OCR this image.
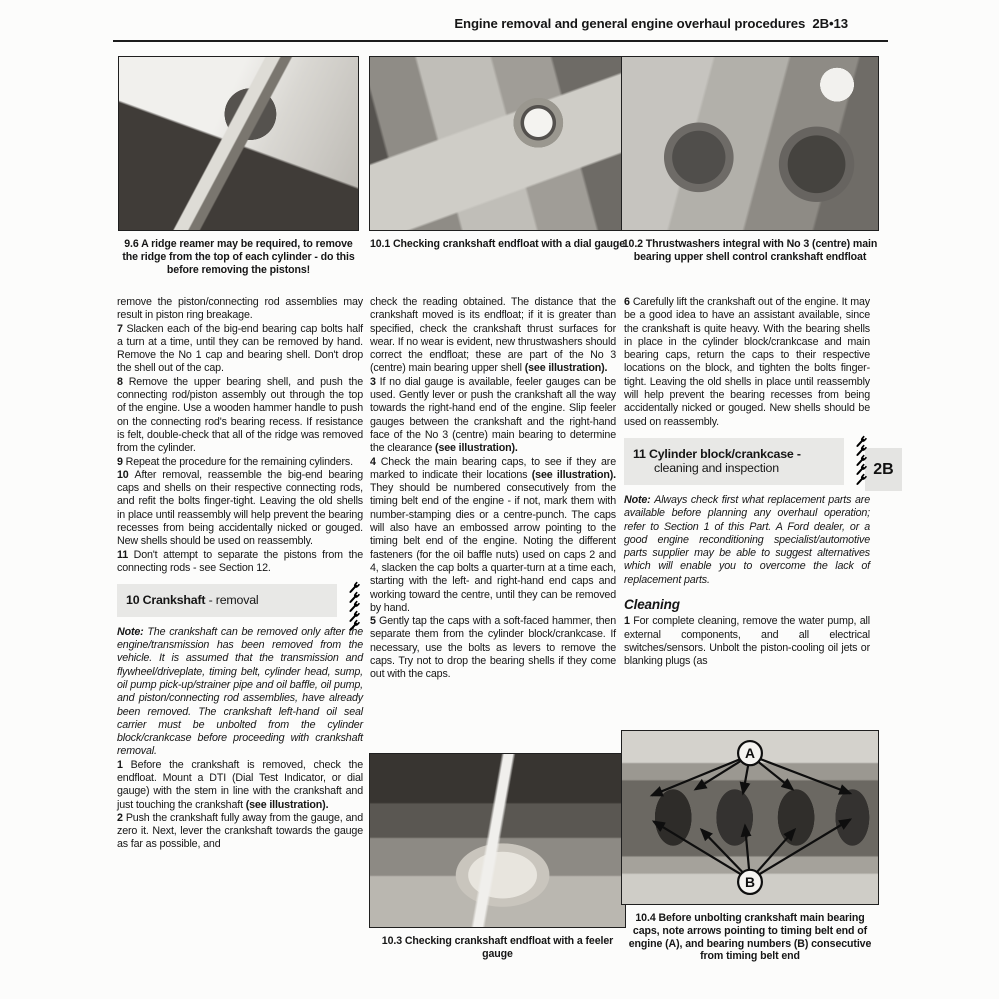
Engine removal and general engine overhaul procedures 2B•13
2B
9.6 A ridge reamer may be required, to remove the ridge from the top of each cylinder - do this before removing the pistons!
10.1 Checking crankshaft endfloat with a dial gauge
10.2 Thrustwashers integral with No 3 (centre) main bearing upper shell control crankshaft endfloat

remove the piston/connecting rod assemblies may result in piston ring breakage.

7 Slacken each of the big-end bearing cap bolts half a turn at a time, until they can be removed by hand. Remove the No 1 cap and bearing shell. Don't drop the shell out of the cap.

8 Remove the upper bearing shell, and push the connecting rod/piston assembly out through the top of the engine. Use a wooden hammer handle to push on the connecting rod's bearing recess. If resistance is felt, double-check that all of the ridge was removed from the cylinder.

9 Repeat the procedure for the remaining cylinders.

10 After removal, reassemble the big-end bearing caps and shells on their respective connecting rods, and refit the bolts finger-tight. Leaving the old shells in place until reassembly will help prevent the bearing recesses from being accidentally nicked or gouged. New shells should be used on reassembly.

11 Don't attempt to separate the pistons from the connecting rods - see Section 12.

10 Crankshaft - removal

Note: The crankshaft can be removed only after the engine/transmission has been removed from the vehicle. It is assumed that the transmission and flywheel/driveplate, timing belt, cylinder head, sump, oil pump pick-up/strainer pipe and oil baffle, oil pump, and piston/connecting rod assemblies, have already been removed. The crankshaft left-hand oil seal carrier must be unbolted from the cylinder block/crankcase before proceeding with crankshaft removal.

1 Before the crankshaft is removed, check the endfloat. Mount a DTI (Dial Test Indicator, or dial gauge) with the stem in line with the crankshaft and just touching the crankshaft (see illustration).

2 Push the crankshaft fully away from the gauge, and zero it. Next, lever the crankshaft towards the gauge as far as possible, and

check the reading obtained. The distance that the crankshaft moved is its endfloat; if it is greater than specified, check the crankshaft thrust surfaces for wear. If no wear is evident, new thrustwashers should correct the endfloat; these are part of the No 3 (centre) main bearing upper shell (see illustration).

3 If no dial gauge is available, feeler gauges can be used. Gently lever or push the crankshaft all the way towards the right-hand end of the engine. Slip feeler gauges between the crankshaft and the right-hand face of the No 3 (centre) main bearing to determine the clearance (see illustration).

4 Check the main bearing caps, to see if they are marked to indicate their locations (see illustration). They should be numbered consecutively from the timing belt end of the engine - if not, mark them with number-stamping dies or a centre-punch. The caps will also have an embossed arrow pointing to the timing belt end of the engine. Noting the different fasteners (for the oil baffle nuts) used on caps 2 and 4, slacken the cap bolts a quarter-turn at a time each, starting with the left- and right-hand end caps and working toward the centre, until they can be removed by hand.

5 Gently tap the caps with a soft-faced hammer, then separate them from the cylinder block/crankcase. If necessary, use the bolts as levers to remove the caps. Try not to drop the bearing shells if they come out with the caps.

6 Carefully lift the crankshaft out of the engine. It may be a good idea to have an assistant available, since the crankshaft is quite heavy. With the bearing shells in place in the cylinder block/crankcase and main bearing caps, return the caps to their respective locations on the block, and tighten the bolts finger-tight. Leaving the old shells in place until reassembly will help prevent the bearing recesses from being accidentally nicked or gouged. New shells should be used on reassembly.

11 Cylinder block/crankcase -

cleaning and inspection

Note: Always check first what replacement parts are available before planning any overhaul operation; refer to Section 1 of this Part. A Ford dealer, or a good engine reconditioning specialist/automotive parts supplier may be able to suggest alternatives which will enable you to overcome the lack of replacement parts.

Cleaning

1 For complete cleaning, remove the water pump, all external components, and all electrical switches/sensors. Unbolt the piston-cooling oil jets or blanking plugs (as

10.3 Checking crankshaft endfloat with a feeler gauge
A
B
10.4 Before unbolting crankshaft main bearing caps, note arrows pointing to timing belt end of engine (A), and bearing numbers (B) consecutive from timing belt end
